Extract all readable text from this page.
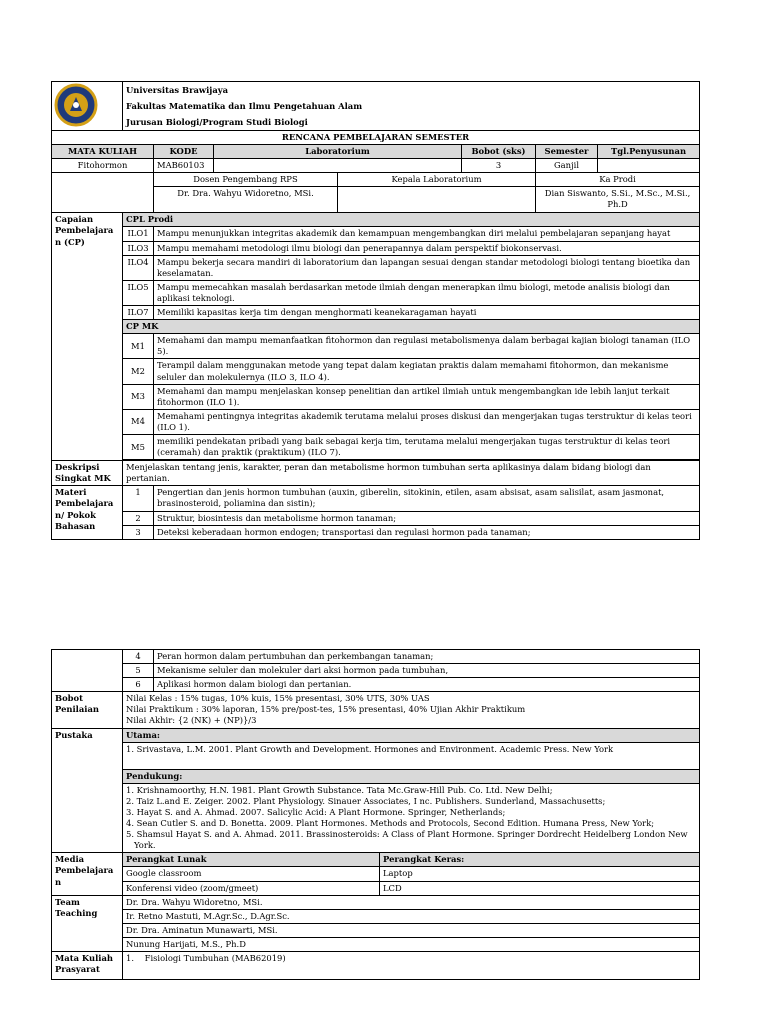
Universitas Brawijaya
Fakultas Matematika dan Ilmu Pengetahuan Alam
Jurusan Biologi/Program Studi Biologi						

RENCANA PEMBELAJARAN SEMESTER							
MATA KULIAH		KODE	Laboratorium		Bobot (sks)	Semester	Tgl.Penyusunan
Fitohormon		MAB60103			3	Ganjil	
		Dosen Pengembang RPS		Kepala Laboratorium		Ka Prodi	
		Dr. Dra. Wahyu Widoretno, MSi.				Dian Siswanto, S.Si., M.Sc., M.Si., Ph.D	
Capaian Pembelajaran (CP)	CPL Prodi						
	ILO1	Mampu menunjukkan integritas akademik dan kemampuan mengembangkan diri melalui pembelajaran sepanjang hayat					
	ILO3	Mampu memahami metodologi ilmu biologi dan penerapannya dalam perspektif biokonservasi.					
	ILO4	Mampu bekerja secara mandiri di laboratorium dan lapangan sesuai dengan standar metodologi biologi tentang bioetika dan keselamatan.					
	ILO5	Mampu memecahkan masalah berdasarkan metode ilmiah dengan menerapkan ilmu biologi, metode analisis biologi dan aplikasi teknologi.					
	ILO7	Memiliki kapasitas kerja tim dengan menghormati keanekaragaman hayati					
	CP MK						
	M1	Memahami dan mampu memanfaatkan fitohormon dan regulasi metabolismenya dalam berbagai kajian biologi tanaman (ILO 5).					
	M2	Terampil dalam menggunakan metode yang tepat dalam kegiatan praktis dalam memahami fitohormon, dan mekanisme seluler dan molekulernya (ILO 3, ILO 4).					
	M3	Memahami dan mampu menjelaskan konsep penelitian dan artikel ilmiah untuk mengembangkan ide lebih lanjut terkait fitohormon (ILO 1).					
	M4	Memahami pentingnya integritas akademik terutama melalui proses diskusi dan mengerjakan tugas terstruktur di kelas teori (ILO 1).					
	M5	memiliki pendekatan pribadi yang baik sebagai kerja tim, terutama melalui mengerjakan tugas terstruktur di kelas teori (ceramah) dan praktik (praktikum) (ILO 7).					

Deskripsi Singkat MK	Menjelaskan tentang jenis, karakter, peran dan metabolisme hormon tumbuhan serta aplikasinya dalam bidang biologi dan pertanian.						
Materi Pembelajaran/ Pokok Bahasan	1	Pengertian dan jenis hormon tumbuhan (auxin, giberelin, sitokinin, etilen, asam absisat, asam salisilat, asam jasmonat, brasinosteroid, poliamina dan sistin);					
	2	Struktur, biosintesis dan metabolisme hormon tanaman;					
	3	Deteksi keberadaan hormon endogen; transportasi dan regulasi hormon pada tanaman;					
	4	Peran hormon dalam pertumbuhan dan perkembangan tanaman;	
	5	Mekanisme seluler dan molekuler dari aksi hormon pada tumbuhan,	
	6	Aplikasi hormon dalam biologi dan pertanian.	
Bobot Penilaian	Nilai Kelas : 15% tugas, 10% kuis, 15% presentasi, 30% UTS, 30% UAS
Nilai Praktikum : 30% laporan, 15% pre/post-tes, 15% presentasi, 40% Ujian Akhir Praktikum
Nilai Akhir: {2 (NK) + (NP)}/3		

Pustaka	Utama:		
	1. Srivastava, L.M. 2001. Plant Growth and Development. Hormones and Environment. Academic Press. New York		
	Pendukung:		

	1. Krishnamoorthy, H.N. 1981. Plant Growth Substance. Tata Mc.Graw-Hill Pub. Co. Ltd. New Delhi;
2. Taiz L.and E. Zeiger. 2002. Plant Physiology. Sinauer Associates, I nc. Publishers. Sunderland, Massachusetts;
3. Hayat S. and A. Ahmad. 2007. Salicylic Acid: A Plant Hormone. Springer, Netherlands;
4. Sean Cutler S. and D. Bonetta. 2009. Plant Hormones. Methods and Protocols, Second Edition. Humana Press, New York;
5. Shamsul Hayat S. and A. Ahmad. 2011. Brassinosteroids: A Class of Plant Hormone. Springer Dordrecht Heidelberg London New York.		

Media Pembelajaran	Perangkat Lunak		Perangkat Keras:
	Google classroom		Laptop
	Konferensi video (zoom/gmeet)		LCD
Team Teaching	Dr. Dra. Wahyu Widoretno, MSi.		
	Ir. Retno Mastuti, M.Agr.Sc., D.Agr.Sc.		
	Dr. Dra. Aminatun Munawarti, MSi.		
	Nunung Harijati, M.S., Ph.D		
Mata Kuliah Prasyarat	1.    Fisiologi Tumbuhan (MAB62019)		
